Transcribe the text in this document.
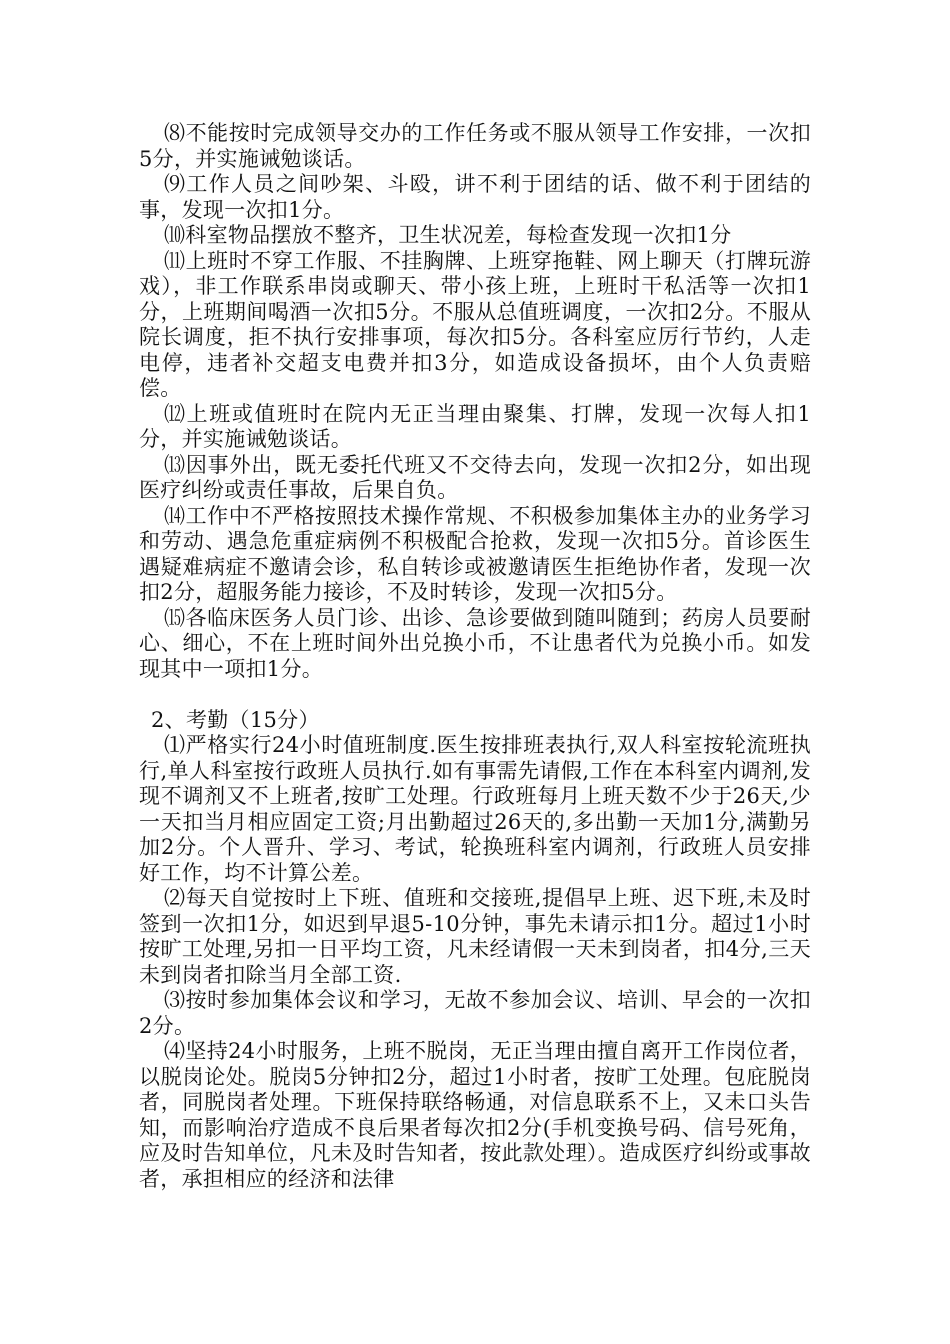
⑻不能按时完成领导交办的工作任务或不服从领导工作安排，一次扣5分，并实施诫勉谈话。

⑼工作人员之间吵架、斗殴，讲不利于团结的话、做不利于团结的事，发现一次扣1分。

⑽科室物品摆放不整齐，卫生状况差，每检查发现一次扣1分

⑾上班时不穿工作服、不挂胸牌、上班穿拖鞋、网上聊天（打牌玩游戏），非工作联系串岗或聊天、带小孩上班，上班时干私活等一次扣1分，上班期间喝酒一次扣5分。不服从总值班调度，一次扣2分。不服从院长调度，拒不执行安排事项，每次扣5分。各科室应厉行节约，人走电停，违者补交超支电费并扣3分，如造成设备损坏，由个人负责赔偿。

⑿上班或值班时在院内无正当理由聚集、打牌，发现一次每人扣1分，并实施诫勉谈话。

⒀因事外出，既无委托代班又不交待去向，发现一次扣2分，如出现医疗纠纷或责任事故，后果自负。

⒁工作中不严格按照技术操作常规、不积极参加集体主办的业务学习和劳动、遇急危重症病例不积极配合抢救，发现一次扣5分。首诊医生遇疑难病症不邀请会诊，私自转诊或被邀请医生拒绝协作者，发现一次扣2分，超服务能力接诊，不及时转诊，发现一次扣5分。

⒂各临床医务人员门诊、出诊、急诊要做到随叫随到；药房人员要耐心、细心，不在上班时间外出兑换小币，不让患者代为兑换小币。如发现其中一项扣1分。

2、考勤（15分）

⑴严格实行24小时值班制度.医生按排班表执行,双人科室按轮流班执行,单人科室按行政班人员执行.如有事需先请假,工作在本科室内调剂,发现不调剂又不上班者,按旷工处理。行政班每月上班天数不少于26天,少一天扣当月相应固定工资;月出勤超过26天的,多出勤一天加1分,满勤另加2分。个人晋升、学习、考试，轮换班科室内调剂，行政班人员安排好工作，均不计算公差。

⑵每天自觉按时上下班、值班和交接班,提倡早上班、迟下班,未及时签到一次扣1分，如迟到早退5-10分钟，事先未请示扣1分。超过1小时按旷工处理,另扣一日平均工资，凡未经请假一天未到岗者，扣4分,三天未到岗者扣除当月全部工资.

⑶按时参加集体会议和学习，无故不参加会议、培训、早会的一次扣2分。

⑷坚持24小时服务，上班不脱岗，无正当理由擅自离开工作岗位者，以脱岗论处。脱岗5分钟扣2分，超过1小时者，按旷工处理。包庇脱岗者，同脱岗者处理。下班保持联络畅通，对信息联系不上，又未口头告知，而影响治疗造成不良后果者每次扣2分(手机变换号码、信号死角，应及时告知单位，凡未及时告知者，按此款处理）。造成医疗纠纷或事故者，承担相应的经济和法律
